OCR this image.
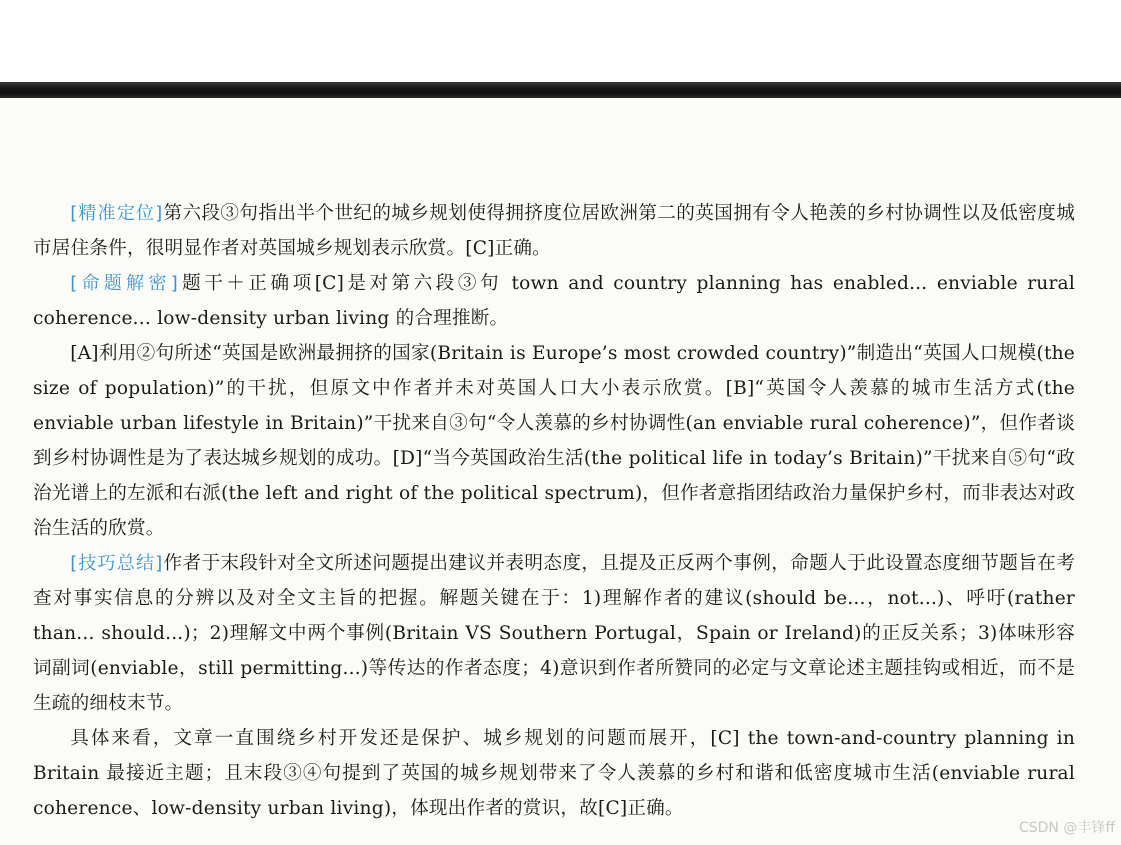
[精准定位]第六段③句指出半个世纪的城乡规划使得拥挤度位居欧洲第二的英国拥有令人艳羡的乡村协调性以及低密度城市居住条件，很明显作者对英国城乡规划表示欣赏。[C]正确。

[命题解密]题干＋正确项[C]是对第六段③句 town and country planning has enabled... enviable rural coherence... low-density urban living 的合理推断。

[A]利用②句所述“英国是欧洲最拥挤的国家(Britain is Europe’s most crowded country)”制造出“英国人口规模(the size of population)”的干扰，但原文中作者并未对英国人口大小表示欣赏。[B]“英国令人羡慕的城市生活方式(the enviable urban lifestyle in Britain)”干扰来自③句“令人羡慕的乡村协调性(an enviable rural coherence)”，但作者谈到乡村协调性是为了表达城乡规划的成功。[D]“当今英国政治生活(the political life in today’s Britain)”干扰来自⑤句“政治光谱上的左派和右派(the left and right of the political spectrum)，但作者意指团结政治力量保护乡村，而非表达对政治生活的欣赏。

[技巧总结]作者于末段针对全文所述问题提出建议并表明态度，且提及正反两个事例，命题人于此设置态度细节题旨在考查对事实信息的分辨以及对全文主旨的把握。解题关键在于：1)理解作者的建议(should be...，not...)、呼吁(rather than... should...)；2)理解文中两个事例(Britain VS Southern Portugal，Spain or Ireland)的正反关系；3)体味形容词副词(enviable，still permitting...)等传达的作者态度；4)意识到作者所赞同的必定与文章论述主题挂钩或相近，而不是生疏的细枝末节。

具体来看，文章一直围绕乡村开发还是保护、城乡规划的问题而展开，[C] the town-and-country planning in Britain 最接近主题；且末段③④句提到了英国的城乡规划带来了令人羡慕的乡村和谐和低密度城市生活(enviable rural coherence、low-density urban living)，体现出作者的赏识，故[C]正确。

CSDN @丰锋ff
